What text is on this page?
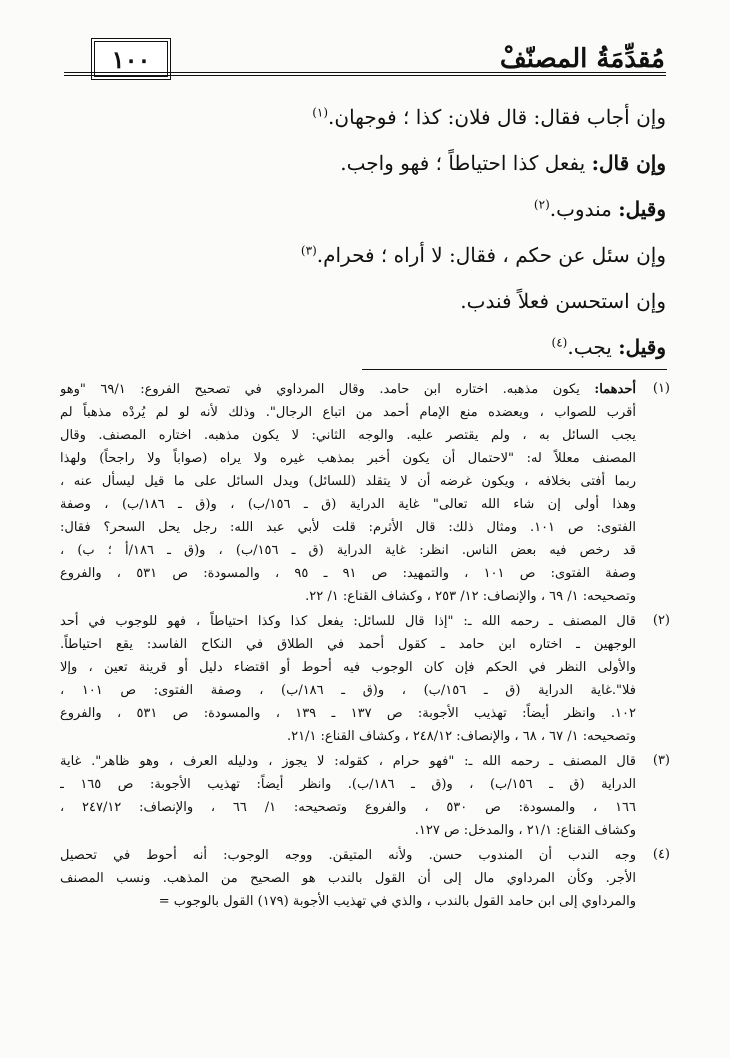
١٠٠	مُقدِّمَةُ المصنّفْ

وإن أجاب فقال: قال فلان: كذا ؛ فوجهان.$^{(١)}$

وإن قال: يفعل كذا احتياطاً ؛ فهو واجب.

وقيل: مندوب.$^{(٢)}$

وإن سئل عن حكم ، فقال: لا أراه ؛ فحرام.$^{(٣)}$

وإن استحسن فعلاً فندب.

وقيل: يجب.$^{(٤)}$

(١)
أحدهما: يكون مذهبه. اختاره ابن حامد. وقال المرداوي في تصحيح الفروع: ٦٩/١ "وهو
أقرب للصواب ، ويعضده منع الإمام أحمد من اتباع الرجال". وذلك لأنه لو لم يُردْه مذهباً لم
يجب السائل به ، ولم يقتصر عليه. والوجه الثاني: لا يكون مذهبه. اختاره المصنف. وقال
المصنف معللاً له: "لاحتمال أن يكون أخبر بمذهب غيره ولا يراه (صواباً ولا راجحاً) ولهذا
ربما أفتى بخلافه ، ويكون غرضه أن لا يتقلد (للسائل) ويدل السائل على ما قيل ليسأل عنه ،
وهذا أولى إن شاء الله تعالى" غاية الدراية (ق ـ ١٥٦/ب) ، و(ق ـ ١٨٦/ب) ، وصفة
الفتوى: ص ١٠١. ومثال ذلك: قال الأثرم: قلت لأبي عبد الله: رجل يحل السحر؟ فقال:
قد رخص فيه بعض الناس. انظر: غاية الدراية (ق ـ ١٥٦/ب) ، و(ق ـ ١٨٦/أ ؛ ب) ،
وصفة الفتوى: ص ١٠١ ، والتمهيد: ص ٩١ ـ ٩٥ ، والمسودة: ص ٥٣١ ، والفروع
وتصحيحه: ١/ ٦٩ ، والإنصاف: ١٢/ ٢٥٣ ، وكشاف القناع: ١/ ٢٢.
(٢)
قال المصنف ـ رحمه الله ـ: "إذا قال للسائل: يفعل كذا وكذا احتياطاً ، فهو للوجوب في أحد
الوجهين ـ اختاره ابن حامد ـ كقول أحمد في الطلاق في النكاح الفاسد: يقع احتياطاً.
والأولى النظر في الحكم فإن كان الوجوب فيه أحوط أو اقتضاء دليل أو قرينة تعين ، وإلا
فلا".غاية الدراية (ق ـ ١٥٦/ب) ، و(ق ـ ١٨٦/ب) ، وصفة الفتوى: ص ١٠١ ،
١٠٢. وانظر أيضاً: تهذيب الأجوبة: ص ١٣٧ ـ ١٣٩ ، والمسودة: ص ٥٣١ ، والفروع
وتصحيحه: ١/ ٦٧ ، ٦٨ ، والإنصاف: ٢٤٨/١٢ ، وكشاف القناع: ٢١/١.
(٣)
قال المصنف ـ رحمه الله ـ: "فهو حرام ، كقوله: لا يجوز ، ودليله العرف ، وهو ظاهر". غاية
الدراية (ق ـ ١٥٦/ب) ، و(ق ـ ١٨٦/ب). وانظر أيضاً: تهذيب الأجوبة: ص ١٦٥ ـ
١٦٦ ، والمسودة: ص ٥٣٠ ، والفروع وتصحيحه: ١/ ٦٦ ، والإنصاف: ٢٤٧/١٢ ،
وكشاف القناع: ٢١/١ ، والمدخل: ص ١٢٧.
(٤)
وجه الندب أن المندوب حسن. ولأنه المتيقن. ووجه الوجوب: أنه أحوط في تحصيل
الأجر. وكأن المرداوي مال إلى أن القول بالندب هو الصحيح من المذهب. ونسب المصنف
والمرداوي إلى ابن حامد القول بالندب ، والذي في تهذيب الأجوبة (١٧٩) القول بالوجوب =
